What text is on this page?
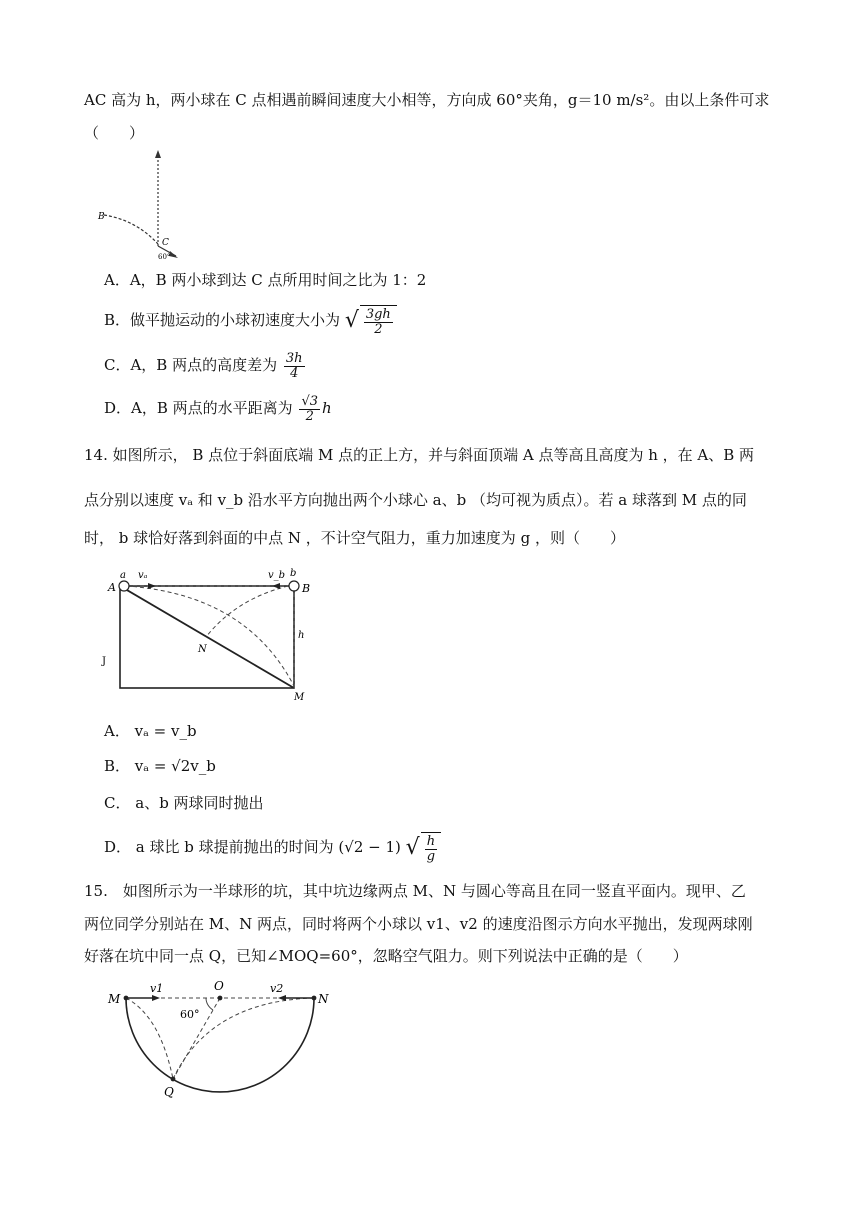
AC 高为 h，两小球在 C 点相遇前瞬间速度大小相等，方向成 60°夹角，g＝10 m/s²。由以上条件可求
（　　）
B
C
60°
A．A，B 两小球到达 C 点所用时间之比为 1：2
B．做平抛运动的小球初速度大小为 √ $\frac{3gh}{2}$
C．A，B 两点的高度差为 $\frac{3h}{4}$
D．A，B 两点的水平距离为 $\frac{√3}{2}$ h
14. 如图所示， B 点位于斜面底端 M 点的正上方，并与斜面顶端 A 点等高且高度为 h ，在 A、B 两
点分别以速度 vₐ 和 v_b 沿水平方向抛出两个小球心 a、b （均可视为质点）。若 a 球落到 M 点的同
时， b 球恰好落到斜面的中点 N ，不计空气阻力，重力加速度为 g ，则（　　）
a vₐ	v_b b
A	B
h
N
M
J
A． vₐ = v_b
B． vₐ = √2v_b
C． a、b 两球同时抛出
D． a 球比 b 球提前抛出的时间为 (√2 − 1) √ $\frac{h}{g}$
15.　如图所示为一半球形的坑，其中坑边缘两点 M、N 与圆心等高且在同一竖直平面内。现甲、乙
两位同学分别站在 M、N 两点，同时将两个小球以 v1、v2 的速度沿图示方向水平抛出，发现两球刚
好落在坑中同一点 Q，已知∠MOQ=60°，忽略空气阻力。则下列说法中正确的是（　　）
M
v1	O	v2
N
60°
Q
